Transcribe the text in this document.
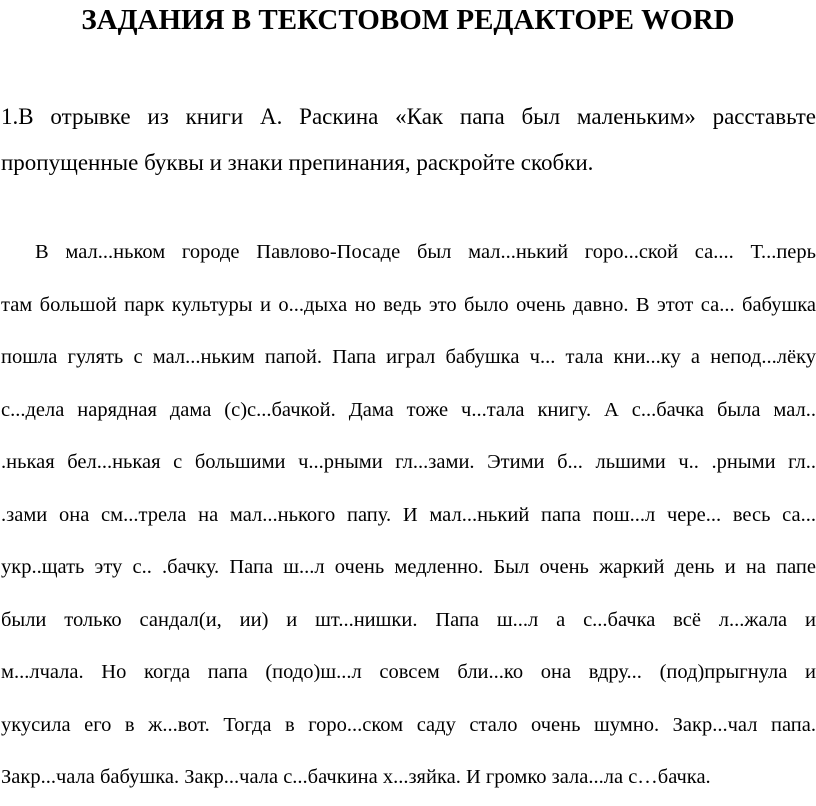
ЗАДАНИЯ В ТЕКСТОВОМ РЕДАКТОРЕ WORD
1.В отрывке из книги А. Раскина «Как папа был маленьким» расставьте
пропущенные буквы и знаки препинания, раскройте скобки.
В мал...ньком городе Павлово-Посаде был мал...нький горо...ской са.... Т...перь
там большой парк культуры и о...дыха но ведь это было очень давно. В этот са... бабушка
пошла гулять с мал...ньким папой. Папа играл бабушка ч... тала кни...ку а непод...лёку
с...дела нарядная дама (с)с...бачкой. Дама тоже ч...тала книгу. А с...бачка была мал..
.нькая бел...нькая с большими ч...рными гл...зами. Этими б... льшими ч.. .рными гл..
.зами она см...трела на мал...нького папу. И мал...нький папа пош...л чере... весь са...
укр..щать эту с.. .бачку. Папа ш...л очень медленно. Был очень жаркий день и на папе
были только сандал(и, ии) и шт...нишки. Папа ш...л а с...бачка всё л...жала и
м...лчала. Но когда папа (подо)ш...л совсем бли...ко она вдру... (под)прыгнула и
укусила его в ж...вот. Тогда в горо...ском саду стало очень шумно. Закр...чал папа.
Закр...чала бабушка. Закр...чала с...бачкина х...зяйка. И громко зала...ла с…бачка.
